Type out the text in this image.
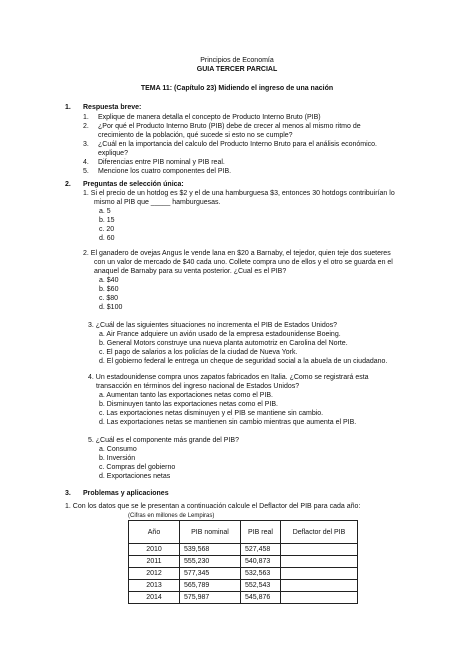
Principios de Economía
GUIA TERCER PARCIAL
TEMA 11: (Capítulo 23) Midiendo el ingreso de una nación
1. Respuesta breve:
1. Explique de manera detalla el concepto de Producto Interno Bruto (PIB)
2. ¿Por qué el Producto Interno Bruto (PIB) debe de crecer al menos al mismo ritmo de
crecimiento de la población, qué sucede si esto no se cumple?
3. ¿Cuál en la importancia del calculo del Producto Interno Bruto para el análisis económico.
explique?
4. Diferencias entre PIB nominal y PIB real.
5. Mencione los cuatro componentes del PIB.
2. Preguntas de selección única:
1. Si el precio de un hotdog es $2 y el de una hamburguesa $3, entonces 30 hotdogs contribuirían lo
mismo al PIB que _____ hamburguesas.
a. 5
b. 15
c. 20
d. 60
2. El ganadero de ovejas Angus le vende lana en $20 a Barnaby, el tejedor, quien teje dos sueteres
con un valor de mercado de $40 cada uno. Collete compra uno de ellos y el otro se guarda en el
anaquel de Barnaby para su venta posterior. ¿Cual es el PIB?
a. $40
b. $60
c. $80
d. $100
3. ¿Cuál de las siguientes situaciones no incrementa el PIB de Estados Unidos?
a. Air France adquiere un avión usado de la empresa estadounidense Boeing.
b. General Motors construye una nueva planta automotriz en Carolina del Norte.
c. El pago de salarios a los policías de la ciudad de Nueva York.
d. El gobierno federal le entrega un cheque de seguridad social a la abuela de un ciudadano.
4. Un estadounidense compra unos zapatos fabricados en Italia. ¿Como se registrará esta
transacción en términos del ingreso nacional de Estados Unidos?
a. Aumentan tanto las exportaciones netas como el PIB.
b. Disminuyen tanto las exportaciones netas como el PIB.
c. Las exportaciones netas disminuyen y el PIB se mantiene sin cambio.
d. Las exportaciones netas se mantienen sin cambio mientras que aumenta el PIB.
5. ¿Cuál es el componente más grande del PIB?
a. Consumo
b. Inversión
c. Compras del gobierno
d. Exportaciones netas
3. Problemas y aplicaciones
1. Con los datos que se le presentan a continuación calcule el Deflactor del PIB para cada año:
(Cifras en millones de Lempiras)
Año	PIB nominal	PIB real	Deflactor del PIB
2010	539,568	527,458	
2011	555,230	540,873	
2012	577,345	532,563	
2013	565,789	552,543	
2014	575,987	545,876	
